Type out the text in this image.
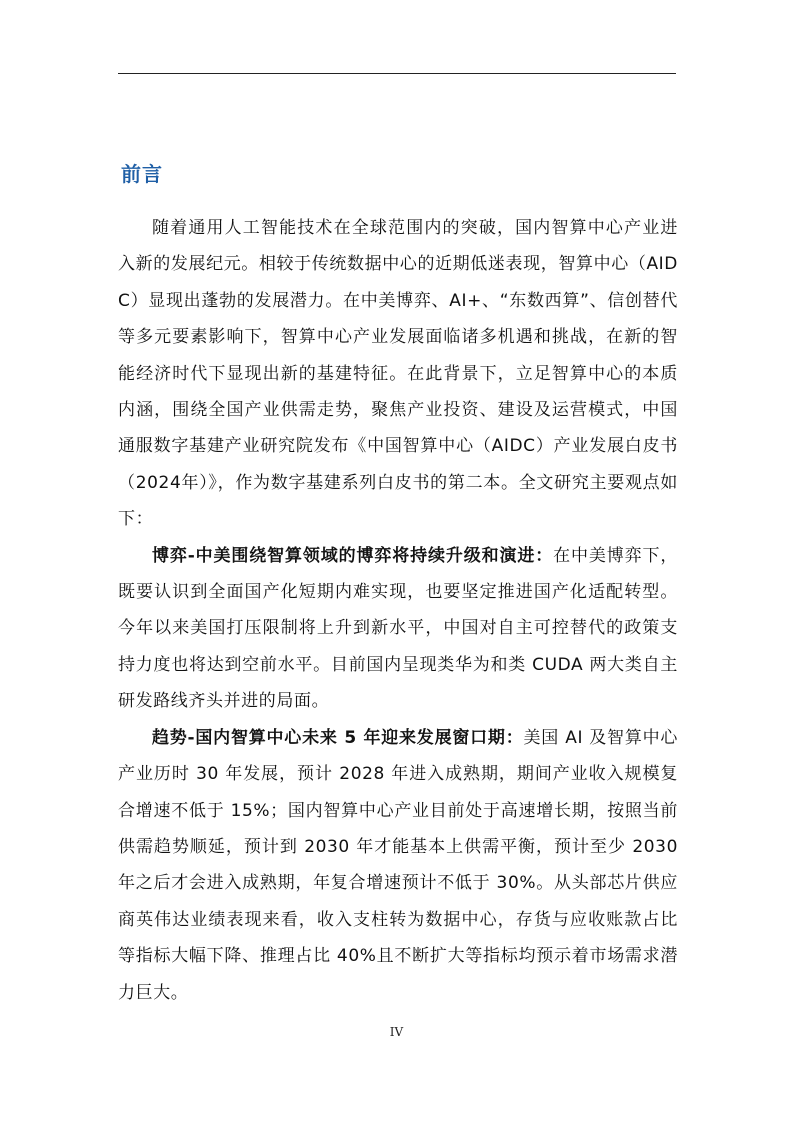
前言

随着通用人工智能技术在全球范围内的突破，国内智算中心产业进入新的发展纪元。相较于传统数据中心的近期低迷表现，智算中心（AIDC）显现出蓬勃的发展潜力。在中美博弈、AI+、“东数西算”、信创替代等多元要素影响下，智算中心产业发展面临诸多机遇和挑战，在新的智能经济时代下显现出新的基建特征。在此背景下，立足智算中心的本质内涵，围绕全国产业供需走势，聚焦产业投资、建设及运营模式，中国通服数字基建产业研究院发布《中国智算中心（AIDC）产业发展白皮书（2024年）》，作为数字基建系列白皮书的第二本。全文研究主要观点如下：

博弈-中美围绕智算领域的博弈将持续升级和演进：在中美博弈下，既要认识到全面国产化短期内难实现，也要坚定推进国产化适配转型。今年以来美国打压限制将上升到新水平，中国对自主可控替代的政策支持力度也将达到空前水平。目前国内呈现类华为和类 CUDA 两大类自主研发路线齐头并进的局面。

趋势-国内智算中心未来 5 年迎来发展窗口期：美国 AI 及智算中心产业历时 30 年发展，预计 2028 年进入成熟期，期间产业收入规模复合增速不低于 15%；国内智算中心产业目前处于高速增长期，按照当前供需趋势顺延，预计到 2030 年才能基本上供需平衡，预计至少 2030 年之后才会进入成熟期，年复合增速预计不低于 30%。从头部芯片供应商英伟达业绩表现来看，收入支柱转为数据中心，存货与应收账款占比等指标大幅下降、推理占比 40%且不断扩大等指标均预示着市场需求潜力巨大。

IV
